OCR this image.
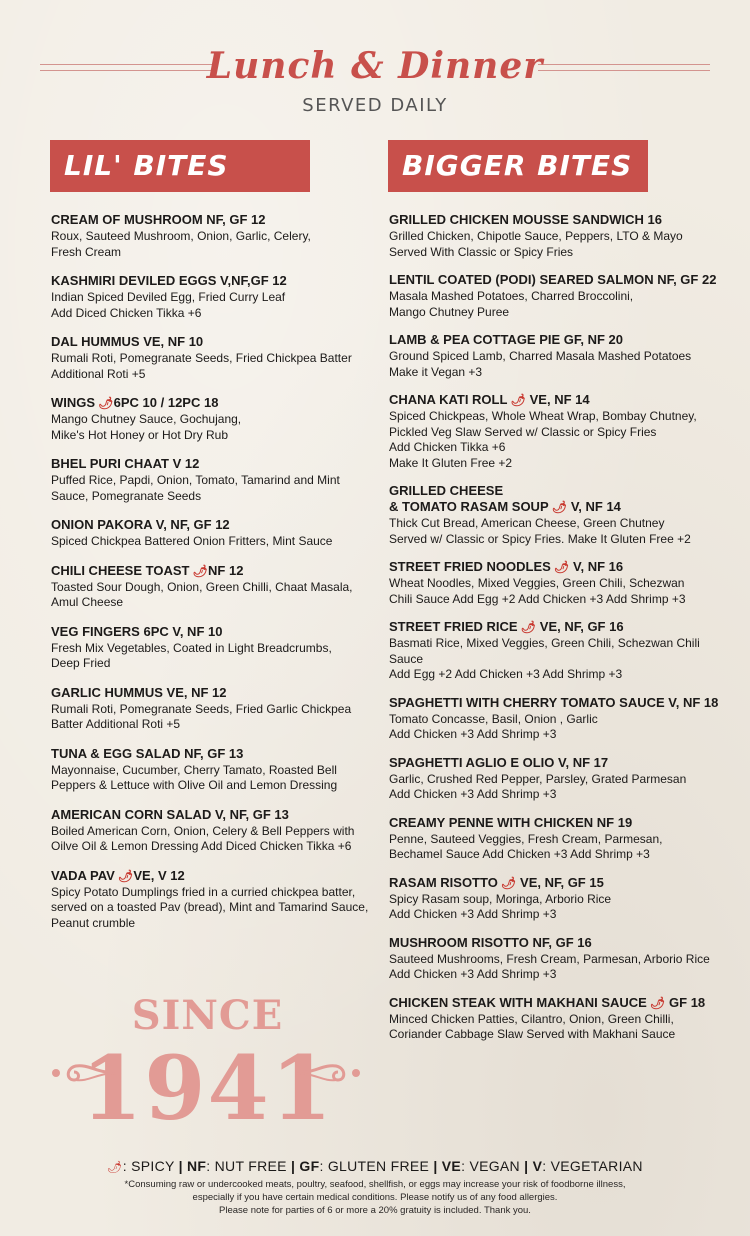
Lunch & Dinner
SERVED DAILY
LIL' BITES	BIGGER BITES
CREAM OF MUSHROOM NF, GF 12
Roux, Sauteed Mushroom, Onion, Garlic, Celery,
Fresh Cream
KASHMIRI DEVILED EGGS V,NF,GF 12
Indian Spiced Deviled Egg, Fried Curry Leaf
Add Diced Chicken Tikka +6
DAL HUMMUS VE, NF 10
Rumali Roti, Pomegranate Seeds, Fried Chickpea Batter
Additional Roti +5
WINGS 🌶6PC 10 / 12PC 18
Mango Chutney Sauce, Gochujang,
Mike's Hot Honey or Hot Dry Rub
BHEL PURI CHAAT V 12
Puffed Rice, Papdi, Onion, Tomato, Tamarind and Mint
Sauce, Pomegranate Seeds
ONION PAKORA V, NF, GF 12
Spiced Chickpea Battered Onion Fritters, Mint Sauce
CHILI CHEESE TOAST 🌶NF 12
Toasted Sour Dough, Onion, Green Chilli, Chaat Masala,
Amul Cheese
VEG FINGERS 6PC V, NF 10
Fresh Mix Vegetables, Coated in Light Breadcrumbs,
Deep Fried
GARLIC HUMMUS VE, NF 12
Rumali Roti, Pomegranate Seeds, Fried Garlic Chickpea
Batter Additional Roti +5
TUNA & EGG SALAD NF, GF 13
Mayonnaise, Cucumber, Cherry Tamato, Roasted Bell
Peppers & Lettuce with Olive Oil and Lemon Dressing
AMERICAN CORN SALAD V, NF, GF 13
Boiled American Corn, Onion, Celery & Bell Peppers with
Oilve Oil & Lemon Dressing Add Diced Chicken Tikka +6
VADA PAV 🌶VE, V 12
Spicy Potato Dumplings fried in a curried chickpea batter,
served on a toasted Pav (bread), Mint and Tamarind Sauce,
Peanut crumble
GRILLED CHICKEN MOUSSE SANDWICH 16
Grilled Chicken, Chipotle Sauce, Peppers, LTO & Mayo
Served With Classic or Spicy Fries
LENTIL COATED (PODI) SEARED SALMON NF, GF 22
Masala Mashed Potatoes, Charred Broccolini,
Mango Chutney Puree
LAMB & PEA COTTAGE PIE GF, NF 20
Ground Spiced Lamb, Charred Masala Mashed Potatoes
Make it Vegan +3
CHANA KATI ROLL 🌶 VE, NF 14
Spiced Chickpeas, Whole Wheat Wrap, Bombay Chutney,
Pickled Veg Slaw Served w/ Classic or Spicy Fries
Add Chicken Tikka +6
Make It Gluten Free +2
GRILLED CHEESE
& TOMATO RASAM SOUP 🌶 V, NF 14
Thick Cut Bread, American Cheese, Green Chutney
Served w/ Classic or Spicy Fries. Make It Gluten Free +2
STREET FRIED NOODLES 🌶 V, NF 16
Wheat Noodles, Mixed Veggies, Green Chili, Schezwan
Chili Sauce Add Egg +2 Add Chicken +3 Add Shrimp +3
STREET FRIED RICE 🌶 VE, NF, GF 16
Basmati Rice, Mixed Veggies, Green Chili, Schezwan Chili Sauce
Add Egg +2 Add Chicken +3 Add Shrimp +3
SPAGHETTI WITH CHERRY TOMATO SAUCE V, NF 18
Tomato Concasse, Basil, Onion , Garlic
Add Chicken +3 Add Shrimp +3
SPAGHETTI AGLIO E OLIO V, NF 17
Garlic, Crushed Red Pepper, Parsley, Grated Parmesan
Add Chicken +3 Add Shrimp +3
CREAMY PENNE WITH CHICKEN NF 19
Penne, Sauteed Veggies, Fresh Cream, Parmesan,
Bechamel Sauce Add Chicken +3 Add Shrimp +3
RASAM RISOTTO 🌶 VE, NF, GF 15
Spicy Rasam soup, Moringa, Arborio Rice
Add Chicken +3 Add Shrimp +3
MUSHROOM RISOTTO NF, GF 16
Sauteed Mushrooms, Fresh Cream, Parmesan, Arborio Rice
Add Chicken +3 Add Shrimp +3
CHICKEN STEAK WITH MAKHANI SAUCE 🌶 GF 18
Minced Chicken Patties, Cilantro, Onion, Green Chilli,
Coriander Cabbage Slaw Served with Makhani Sauce
SINCE
1941
🌶: SPICY | NF: NUT FREE | GF: GLUTEN FREE | VE: VEGAN | V: VEGETARIAN
*Consuming raw or undercooked meats, poultry, seafood, shellfish, or eggs may increase your risk of foodborne illness,
especially if you have certain medical conditions. Please notify us of any food allergies.
Please note for parties of 6 or more a 20% gratuity is included. Thank you.
